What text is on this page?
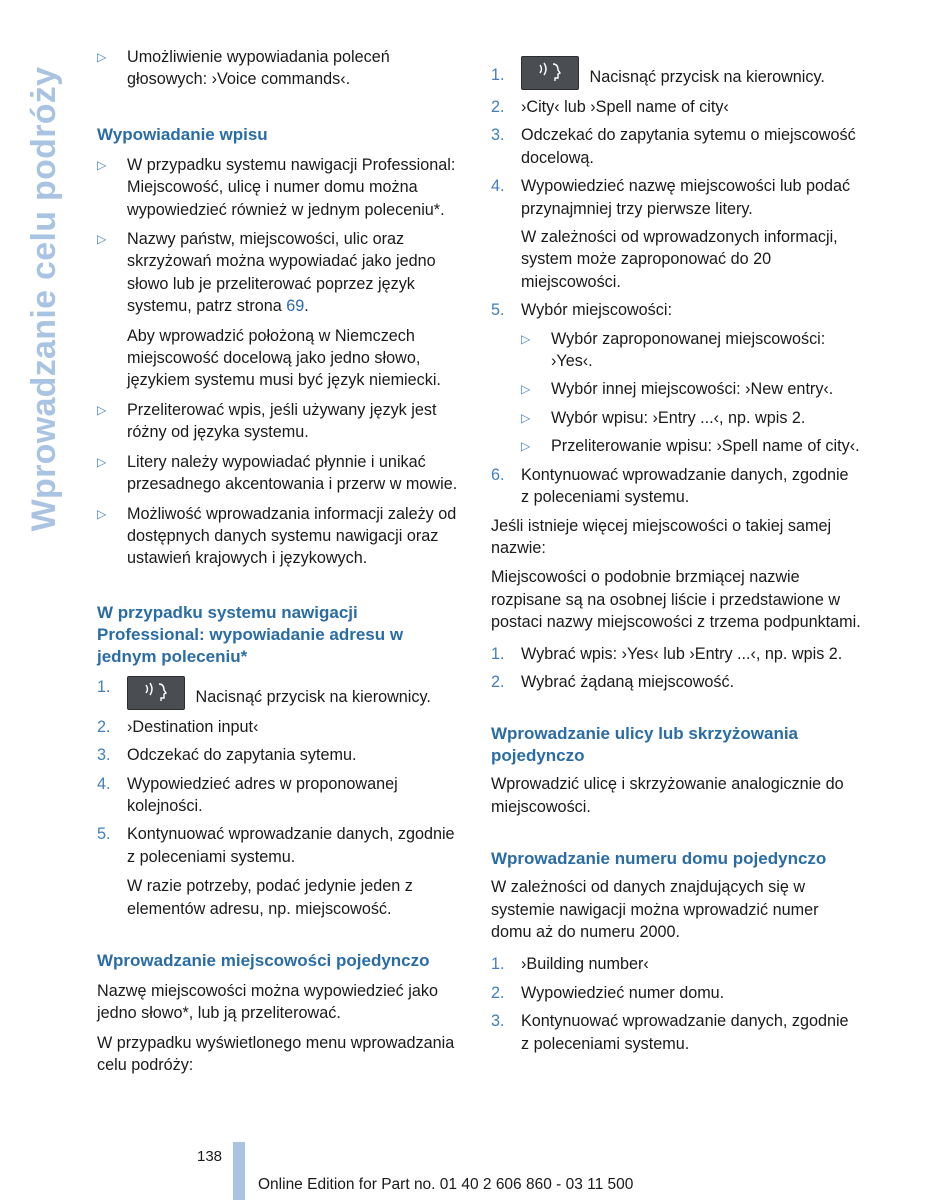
Wprowadzanie celu podróży
▷ Umożliwienie wypowiadania poleceń głosowych: ›Voice commands‹.
Wypowiadanie wpisu
▷ W przypadku systemu nawigacji Professional: Miejscowość, ulicę i numer domu można wypowiedzieć również w jednym poleceniu*.
▷ Nazwy państw, miejscowości, ulic oraz skrzyżowań można wypowiadać jako jedno słowo lub je przeliterować poprzez język systemu, patrz strona 69.

Aby wprowadzić położoną w Niemczech miejscowość docelową jako jedno słowo, językiem systemu musi być język niemiecki.

▷ Przeliterować wpis, jeśli używany język jest różny od języka systemu.
▷ Litery należy wypowiadać płynnie i unikać przesadnego akcentowania i przerw w mowie.
▷ Możliwość wprowadzania informacji zależy od dostępnych danych systemu nawigacji oraz ustawień krajowych i językowych.
W przypadku systemu nawigacji Professional: wypowiadanie adresu w jednym poleceniu*
1.
Nacisnąć przycisk na kierownicy.
2. ›Destination input‹
3. Odczekać do zapytania sytemu.
4. Wypowiedzieć adres w proponowanej kolejności.
5. Kontynuować wprowadzanie danych, zgodnie z poleceniami systemu.

W razie potrzeby, podać jedynie jeden z elementów adresu, np. miejscowość.

Wprowadzanie miejscowości pojedynczo

Nazwę miejscowości można wypowiedzieć jako jedno słowo*, lub ją przeliterować.

W przypadku wyświetlonego menu wprowadzania celu podróży:

1.	Nacisnąć przycisk na kierownicy.
2. ›City‹ lub ›Spell name of city‹
3. Odczekać do zapytania sytemu o miejscowość docelową.
4. Wypowiedzieć nazwę miejscowości lub podać przynajmniej trzy pierwsze litery.

W zależności od wprowadzonych informacji, system może zaproponować do 20 miejscowości.

5. Wybór miejscowości:
▷ Wybór zaproponowanej miejscowości: ›Yes‹.
▷ Wybór innej miejscowości: ›New entry‹.
▷ Wybór wpisu: ›Entry ...‹, np. wpis 2.
▷ Przeliterowanie wpisu: ›Spell name of city‹.
6. Kontynuować wprowadzanie danych, zgodnie z poleceniami systemu.

Jeśli istnieje więcej miejscowości o takiej samej nazwie:

Miejscowości o podobnie brzmiącej nazwie rozpisane są na osobnej liście i przedstawione w postaci nazwy miejscowości z trzema podpunktami.

1. Wybrać wpis: ›Yes‹ lub ›Entry ...‹, np. wpis 2.
2. Wybrać żądaną miejscowość.
Wprowadzanie ulicy lub skrzyżowania pojedynczo

Wprowadzić ulicę i skrzyżowanie analogicznie do miejscowości.

Wprowadzanie numeru domu pojedynczo

W zależności od danych znajdujących się w systemie nawigacji można wprowadzić numer domu aż do numeru 2000.

1. ›Building number‹
2. Wypowiedzieć numer domu.
3. Kontynuować wprowadzanie danych, zgodnie z poleceniami systemu.
138
Online Edition for Part no. 01 40 2 606 860 - 03 11 500
